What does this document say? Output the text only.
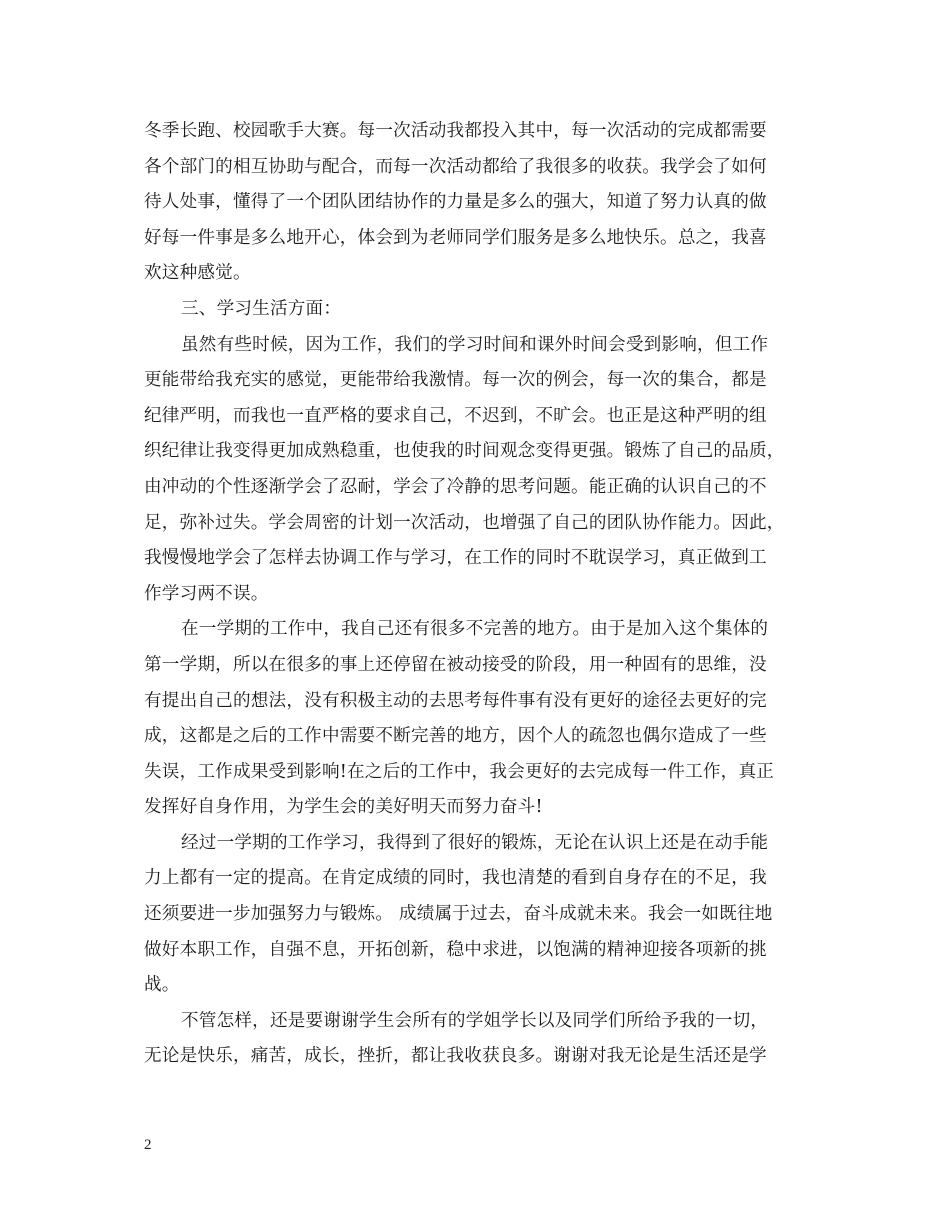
冬季长跑、校园歌手大赛。每一次活动我都投入其中，每一次活动的完成都需要
各个部门的相互协助与配合，而每一次活动都给了我很多的收获。我学会了如何
待人处事，懂得了一个团队团结协作的力量是多么的强大，知道了努力认真的做
好每一件事是多么地开心，体会到为老师同学们服务是多么地快乐。总之，我喜
欢这种感觉。
三、学习生活方面：
虽然有些时候，因为工作，我们的学习时间和课外时间会受到影响，但工作
更能带给我充实的感觉，更能带给我激情。每一次的例会，每一次的集合，都是
纪律严明，而我也一直严格的要求自己，不迟到，不旷会。也正是这种严明的组
织纪律让我变得更加成熟稳重，也使我的时间观念变得更强。锻炼了自己的品质，
由冲动的个性逐渐学会了忍耐，学会了冷静的思考问题。能正确的认识自己的不
足，弥补过失。学会周密的计划一次活动，也增强了自己的团队协作能力。因此，
我慢慢地学会了怎样去协调工作与学习，在工作的同时不耽误学习，真正做到工
作学习两不误。
在一学期的工作中，我自己还有很多不完善的地方。由于是加入这个集体的
第一学期，所以在很多的事上还停留在被动接受的阶段，用一种固有的思维，没
有提出自己的想法，没有积极主动的去思考每件事有没有更好的途径去更好的完
成，这都是之后的工作中需要不断完善的地方，因个人的疏忽也偶尔造成了一些
失误，工作成果受到影响!在之后的工作中，我会更好的去完成每一件工作，真正
发挥好自身作用，为学生会的美好明天而努力奋斗!
经过一学期的工作学习，我得到了很好的锻炼，无论在认识上还是在动手能
力上都有一定的提高。在肯定成绩的同时，我也清楚的看到自身存在的不足，我
还须要进一步加强努力与锻炼。 成绩属于过去，奋斗成就未来。我会一如既往地
做好本职工作，自强不息，开拓创新，稳中求进，以饱满的精神迎接各项新的挑
战。
不管怎样，还是要谢谢学生会所有的学姐学长以及同学们所给予我的一切，
无论是快乐，痛苦，成长，挫折，都让我收获良多。谢谢对我无论是生活还是学
2
